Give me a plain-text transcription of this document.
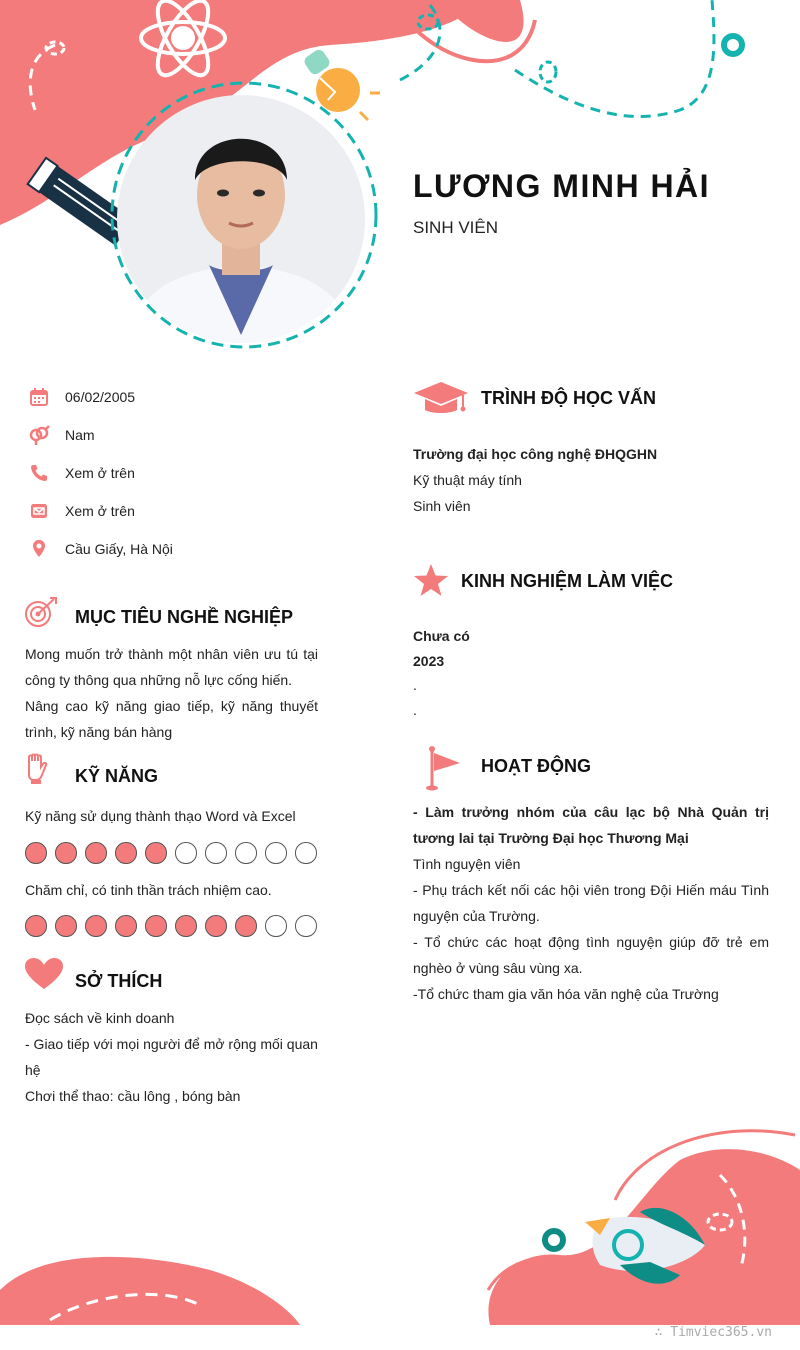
LƯƠNG MINH HẢI
SINH VIÊN
06/02/2005
Nam
Xem ở trên
Xem ở trên
Cầu Giấy, Hà Nội
MỤC TIÊU NGHỀ NGHIỆP
Mong muốn trở thành một nhân viên ưu tú tại công ty thông qua những nỗ lực cống hiến.
Nâng cao kỹ năng giao tiếp, kỹ năng thuyết trình, kỹ năng bán hàng
KỸ NĂNG
Kỹ năng sử dụng thành thạo Word và Excel
Chăm chỉ, có tinh thần trách nhiệm cao.
SỞ THÍCH
Đọc sách về kinh doanh
- Giao tiếp với mọi người để mở rộng mối quan hệ
Chơi thể thao: cầu lông , bóng bàn
TRÌNH ĐỘ HỌC VẤN
Trường đại học công nghệ ĐHQGHN
Kỹ thuật máy tính
Sinh viên
KINH NGHIỆM LÀM VIỆC
Chưa có
2023
.
.
HOẠT ĐỘNG
- Làm trưởng nhóm của câu lạc bộ Nhà Quản trị tương lai tại Trường Đại học Thương Mại
Tình nguyện viên
- Phụ trách kết nối các hội viên trong Đội Hiến máu Tình nguyện của Trường.
- Tổ chức các hoạt động tình nguyện giúp đỡ trẻ em nghèo ở vùng sâu vùng xa.
-Tổ chức tham gia văn hóa văn nghệ của Trường
∴ Timviec365.vn
